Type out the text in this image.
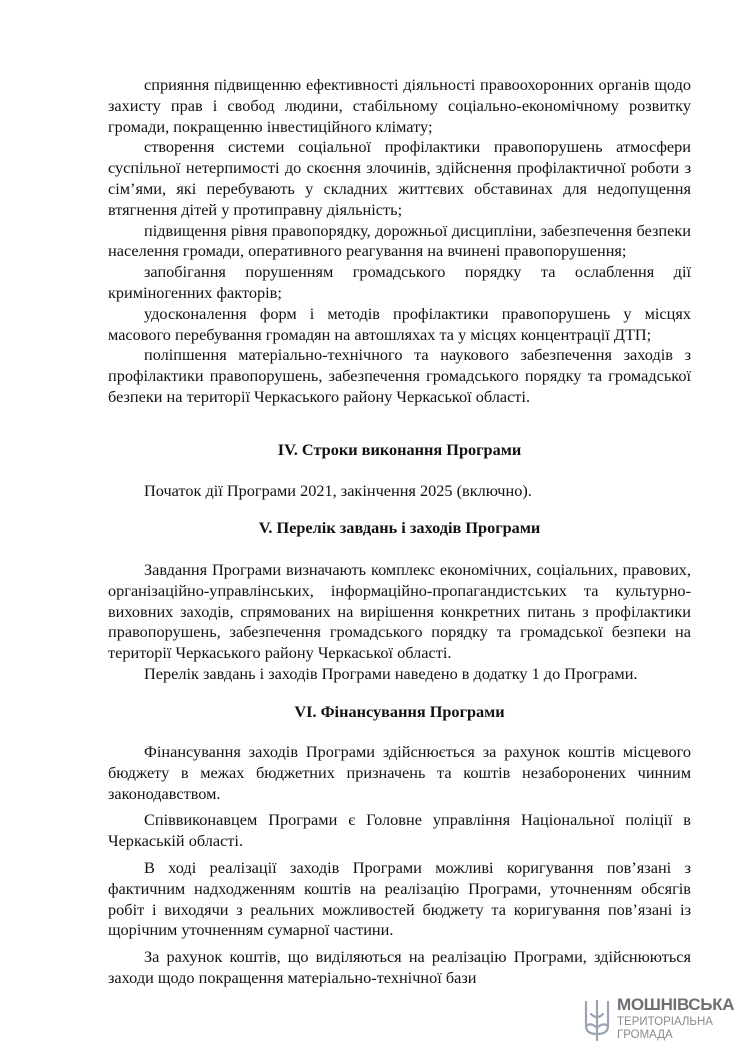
сприяння підвищенню ефективності діяльності правоохоронних органів щодо захисту прав і свобод людини, стабільному соціально-економічному розвитку громади, покращенню інвестиційного клімату;

створення системи соціальної профілактики правопорушень атмосфери суспільної нетерпимості до скоєння злочинів, здійснення профілактичної роботи з сім’ями, які перебувають у складних життєвих обставинах для недопущення втягнення дітей у протиправну діяльність;

підвищення рівня правопорядку, дорожньої дисципліни, забезпечення безпеки населення громади, оперативного реагування на вчинені правопорушення;

запобігання порушенням громадського порядку та ослаблення дії криміногенних факторів;

удосконалення форм і методів профілактики правопорушень у місцях масового перебування громадян на автошляхах та у місцях концентрації ДТП;

поліпшення матеріально-технічного та наукового забезпечення заходів з профілактики правопорушень, забезпечення громадського порядку та громадської безпеки на території Черкаського району Черкаської області.

IV. Строки виконання Програми

Початок дії Програми 2021, закінчення 2025 (включно).

V. Перелік завдань і заходів Програми

Завдання Програми визначають комплекс економічних, соціальних, правових, організаційно-управлінських, інформаційно-пропагандистських та культурно-виховних заходів, спрямованих на вирішення конкретних питань з профілактики правопорушень, забезпечення громадського порядку та громадської безпеки на території Черкаського району Черкаської області.

Перелік завдань і заходів Програми наведено в додатку 1 до Програми.

VI. Фінансування Програми

Фінансування заходів Програми здійснюється за рахунок коштів місцевого бюджету в межах бюджетних призначень та коштів незаборонених чинним законодавством.

Співвиконавцем Програми є Головне управління Національної поліції в Черкаській області.

В ході реалізації заходів Програми можливі коригування пов’язані з фактичним надходженням коштів на реалізацію Програми, уточненням обсягів робіт і виходячи з реальних можливостей бюджету та коригування пов’язані із щорічним уточненням сумарної частини.

За рахунок коштів, що виділяються на реалізацію Програми, здійснюються заходи щодо покращення матеріально-технічної бази

МОШНІВСЬКА
ТЕРИТОРІАЛЬНА
ГРОМАДА
